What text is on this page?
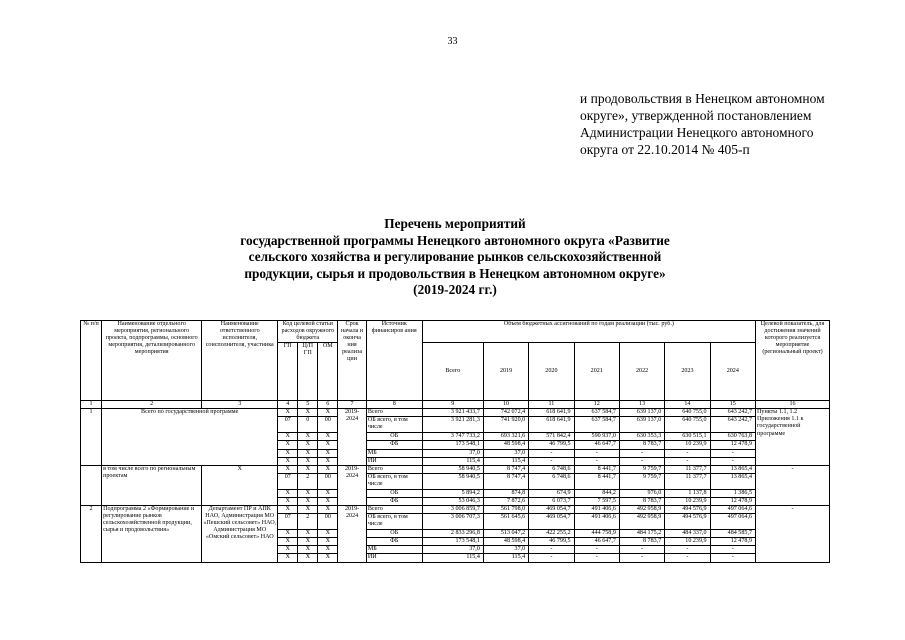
33
и продовольствия в Ненецком автономном
округе», утвержденной постановлением
Администрации Ненецкого автономного
округа от 22.10.2014 № 405-п
Перечень мероприятий
государственной программы Ненецкого автономного округа «Развитие
сельского хозяйства и регулирование рынков сельскохозяйственной
продукции, сырья и продовольствия в Ненецком автономном округе»
(2019-2024 гг.)
№ п/п	Наименование отдельного мероприятия, регионального проекта, подпрограммы, основного мероприятия, детализированного мероприятия	Наименование ответственного исполнителя, соисполнителя, участника	Код целевой статьи расходов окружного бюджета			Срок начала и оконча ния реализа ции	Источник финансиров ания	Объем бюджетных ассигнований по годам реализации (тыс. руб.)							Целевой показатель, для достижения значений которого реализуется мероприятие (региональный проект)
			ГП	Ц/П ГП	ОМ			Всего	2019	2020	2021	2022	2023	2024	

1	2	3	4	5	6	7	8	9	10	11	12	13	14	15	16
1	Всего по государственной программе		Х	Х	Х	2019-2024	Всего	3 921 433,7	742 072,4	618 641,9	637 584,7	639 137,0	640 755,0	643 242,7	Пункты 1.1, 1.2 Приложения 1.1 к государственной программе
			07	0	00		ОБ всего, в том числе	3 921 281,3	741 920,0	618 641,9	637 584,7	639 137,0	640 755,0	643 242,7	
			Х	Х	Х		ОБ	3 747 733,2	693 321,6	571 842,4	590 937,0	630 353,3	630 515,1	630 763,8	
			Х	Х	Х		ФБ	173 548,1	48 598,4	46 799,5	46 647,7	8 783,7	10 239,9	12 478,9	
			Х	Х	Х		МБ	37,0	37,0	-	-	-	-	-	
			Х	Х	Х		ИИ	115,4	115,4	-	-	-	-	-	
	в том числе всего по региональным проектам	Х	Х	Х	Х	2019-2024	Всего	58 940,5	8 747,4	6 748,6	8 441,7	9 759,7	11 377,7	13 865,4	-
			07	2	00		ОБ всего, в том числе	58 940,5	8 747,4	6 748,6	8 441,7	9 759,7	11 377,7	13 865,4	
			Х	Х	Х		ОБ	5 894,2	874,8	674,9	844,2	976,0	1 137,8	1 386,5	
			Х	Х	Х		ФБ	53 046,3	7 872,6	6 073,7	7 597,5	8 783,7	10 239,9	12 478,9	
2	Подпрограмма 2 «Формирование и регулирование рынков сельскохозяйственной продукции, сырья и продовольствия»	Департамент ПР и АПК НАО, Администрация МО «Пешский сельсовет» НАО, Администрация МО «Омский сельсовет» НАО	Х	Х	Х	2019-2024	Всего	3 006 859,7	561 798,0	469 054,7	491 406,6	492 958,9	494 576,9	497 064,6	-
			07	2	00		ОБ всего, в том числе	3 006 707,3	561 645,6	469 054,7	491 406,6	492 958,9	494 576,9	497 064,6	
			Х	Х	Х		ОБ	2 833 296,8	513 047,2	422 255,2	444 758,9	484 175,2	484 337,0	484 585,7	
			Х	Х	Х		ФБ	173 548,1	48 598,4	46 799,5	46 647,7	8 783,7	10 239,9	12 478,9	
			Х	Х	Х		МБ	37,0	37,0	-	-	-	-	-	
			Х	Х	Х		ИИ	115,4	115,4	-	-	-	-	-	
